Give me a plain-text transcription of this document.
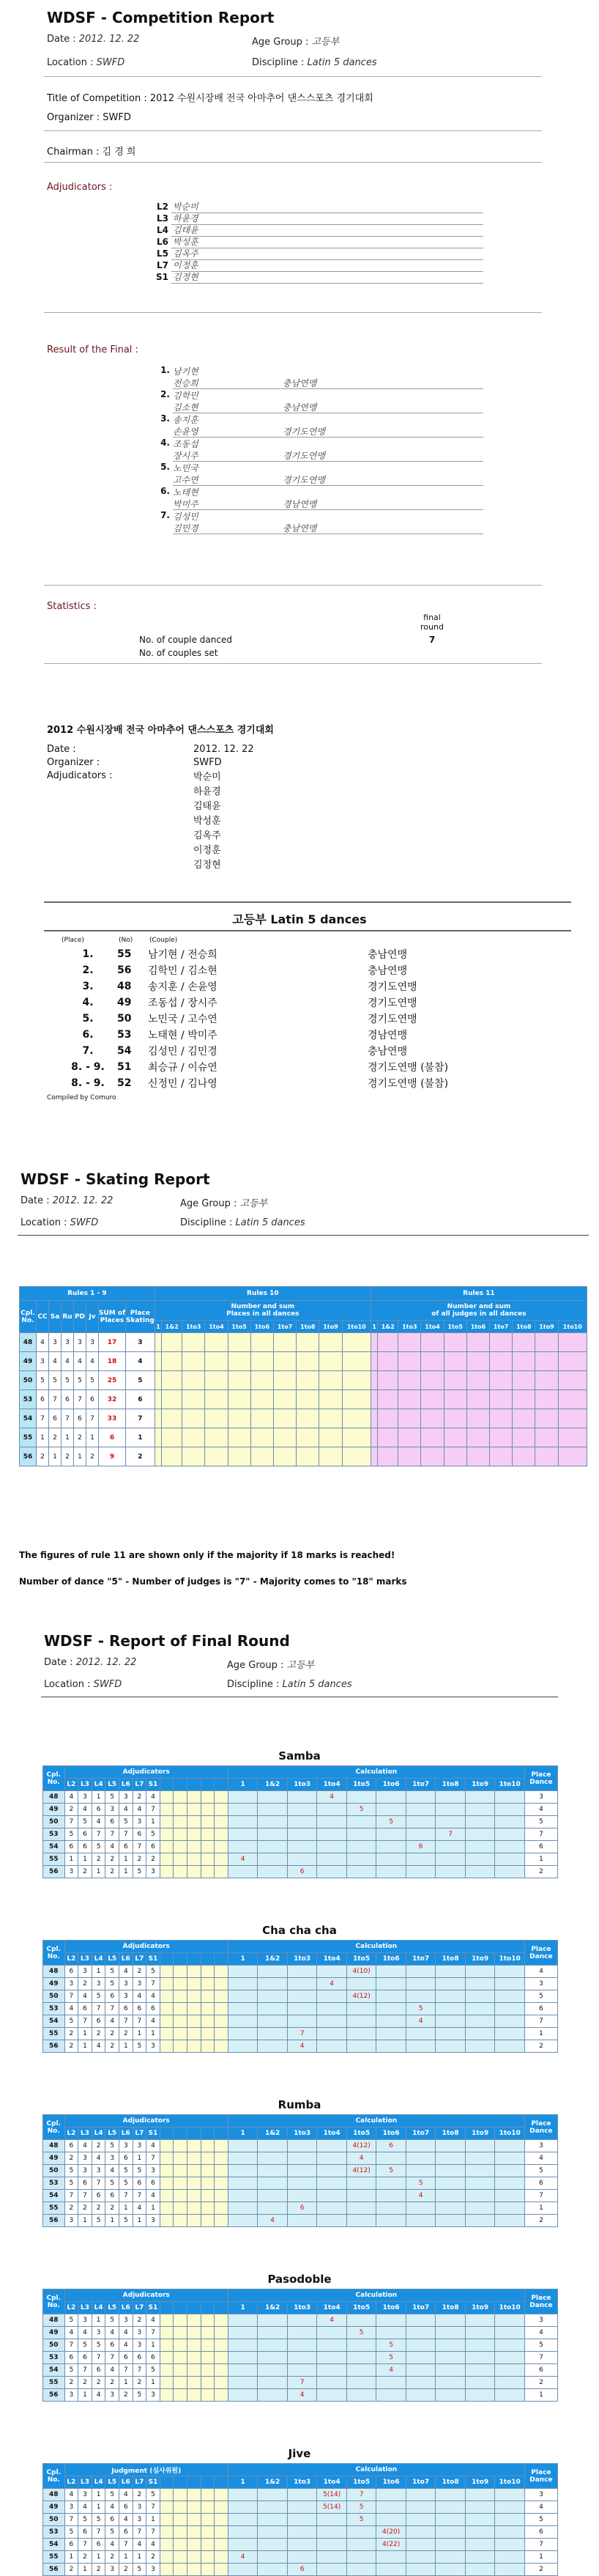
WDSF - Competition Report
Date : 2012. 12. 22	Age Group : 고등부
Location : SWFD	Discipline : Latin 5 dances
Title of Competition : 2012 수원시장배 전국 아마추어 댄스스포츠 경기대회
Organizer : SWFD
Chairman : 김 경 희
Adjudicators :
L2 박순미
L3 하윤경
L4 김태윤
L6 박성훈
L5 김옥주
L7 이정훈
S1 김정현
Result of the Final :
1. 남기현
전승희	충남연맹
2. 김학민
김소현	충남연맹
3. 송지훈
손윤영	경기도연맹
4. 조동섭
장시주	경기도연맹
5. 노민국
고수연	경기도연맹
6. 노태현
박미주	경남연맹
7. 김성민
김민경	충남연맹
Statistics :
final
round
No. of couple danced	7
No. of couples set
2012 수원시장배 전국 아마추어 댄스스포츠 경기대회
Date :	2012. 12. 22
Organizer :	SWFD
Adjudicators :	박순미
하윤경
김태윤
박성훈
김옥주
이정훈
김정현
고등부 Latin 5 dances
(Place)	(No)	(Couple)
1.	55	남기현 / 전승희	충남연맹
2.	56	김학민 / 김소현	충남연맹
3.	48	송지훈 / 손윤영	경기도연맹
4.	49	조동섭 / 장시주	경기도연맹
5.	50	노민국 / 고수연	경기도연맹
6.	53	노태현 / 박미주	경남연맹
7.	54	김성민 / 김민경	충남연맹
8. - 9.	51	최승규 / 이슈연	경기도연맹 (불참)
8. - 9.	52	신정민 / 김나영	경기도연맹 (불참)
Compiled by Comuro
WDSF - Skating Report
Date : 2012. 12. 22	Age Group : 고등부
Location : SWFD	Discipline : Latin 5 dances
Rules 1 - 9								Rules 10										Rules 11									
Cpl.
No.	CC	Sa	Ru	PD	Jv	SUM of
Places	Place
Skating	Number and sum
Places in all dances										Number and sum
of all judges in all dances									
								1	1&2	1to3	1to4	1to5	1to6	1to7	1to8	1to9	1to10	1	1&2	1to3	1to4	1to5	1to6	1to7	1to8	1to9	1to10
48	4	3	3	3	3	17	3																				
49	3	4	4	4	4	18	4																				
50	5	5	5	5	5	25	5																				
53	6	7	6	7	6	32	6																				
54	7	6	7	6	7	33	7																				
55	1	2	1	2	1	6	1																				
56	2	1	2	1	2	9	2																				
The figures of rule 11 are shown only if the majority if 18 marks is reached!
Number of dance "5" - Number of judges is "7" - Majority comes to "18" marks
WDSF - Report of Final Round
Date : 2012. 12. 22	Age Group : 고등부
Location : SWFD	Discipline : Latin 5 dances
Samba
Cpl.
No.	Adjudicators												Calculation										Place
Dance
	L2	L3	L4	L5	L6	L7	S1						1	1&2	1to3	1to4	1to5	1to6	1to7	1to8	1to9	1to10	
48	4	3	1	5	3	2	4									4							3
49	2	4	6	3	4	4	7										5						4
50	7	5	4	6	5	3	1											5					5
53	5	6	7	7	7	6	5													7			7
54	6	6	5	4	6	7	6												6				6
55	1	1	2	2	1	2	2						4										1
56	3	2	1	2	1	5	3								6								2
Cha cha cha
Cpl.
No.	Adjudicators												Calculation										Place
Dance
	L2	L3	L4	L5	L6	L7	S1						1	1&2	1to3	1to4	1to5	1to6	1to7	1to8	1to9	1to10	
48	6	3	1	5	4	2	5										4(10)						4
49	3	2	3	5	3	3	7									4							3
50	7	4	5	6	3	4	4										4(12)						5
53	4	6	7	7	6	6	6												5				6
54	5	7	6	4	7	7	4												4				7
55	2	1	2	2	2	1	1								7								1
56	2	1	4	2	1	5	3								4								2
Rumba
Cpl.
No.	Adjudicators												Calculation										Place
Dance
	L2	L3	L4	L5	L6	L7	S1						1	1&2	1to3	1to4	1to5	1to6	1to7	1to8	1to9	1to10	
48	6	4	2	5	3	3	4										4(12)	6					3
49	2	3	4	3	6	1	7										4						4
50	5	3	3	4	5	5	3										4(12)	5					5
53	5	6	7	5	5	6	6												5				6
54	7	7	6	6	7	7	4												4				7
55	2	2	2	2	1	4	1								6								1
56	3	1	5	1	5	1	3							4									2
Pasodoble
Cpl.
No.	Adjudicators												Calculation										Place
Dance
	L2	L3	L4	L5	L6	L7	S1						1	1&2	1to3	1to4	1to5	1to6	1to7	1to8	1to9	1to10	
48	5	3	1	5	3	2	4									4							3
49	4	4	3	4	4	3	7										5						4
50	7	5	5	6	4	3	1											5					5
53	6	6	7	7	6	6	6											5					7
54	5	7	6	4	7	7	5											4					6
55	2	2	2	2	1	2	1								7								2
56	3	1	4	3	2	5	3								4								1
Jive
Cpl.
No.	Judgment (심사위원)												Calculation										Place
Dance
	L2	L3	L4	L5	L6	L7	S1						1	1&2	1to3	1to4	1to5	1to6	1to7	1to8	1to9	1to10	
48	4	3	1	5	4	2	5									5(14)	7						3
49	3	4	1	4	6	3	7									5(14)	5						4
50	7	5	5	6	4	3	1										5						5
53	5	6	7	5	6	7	7											4(20)					6
54	6	7	6	4	7	4	4											4(22)					7
55	1	2	1	2	1	1	2						4										1
56	2	1	2	3	2	5	3								6								2
